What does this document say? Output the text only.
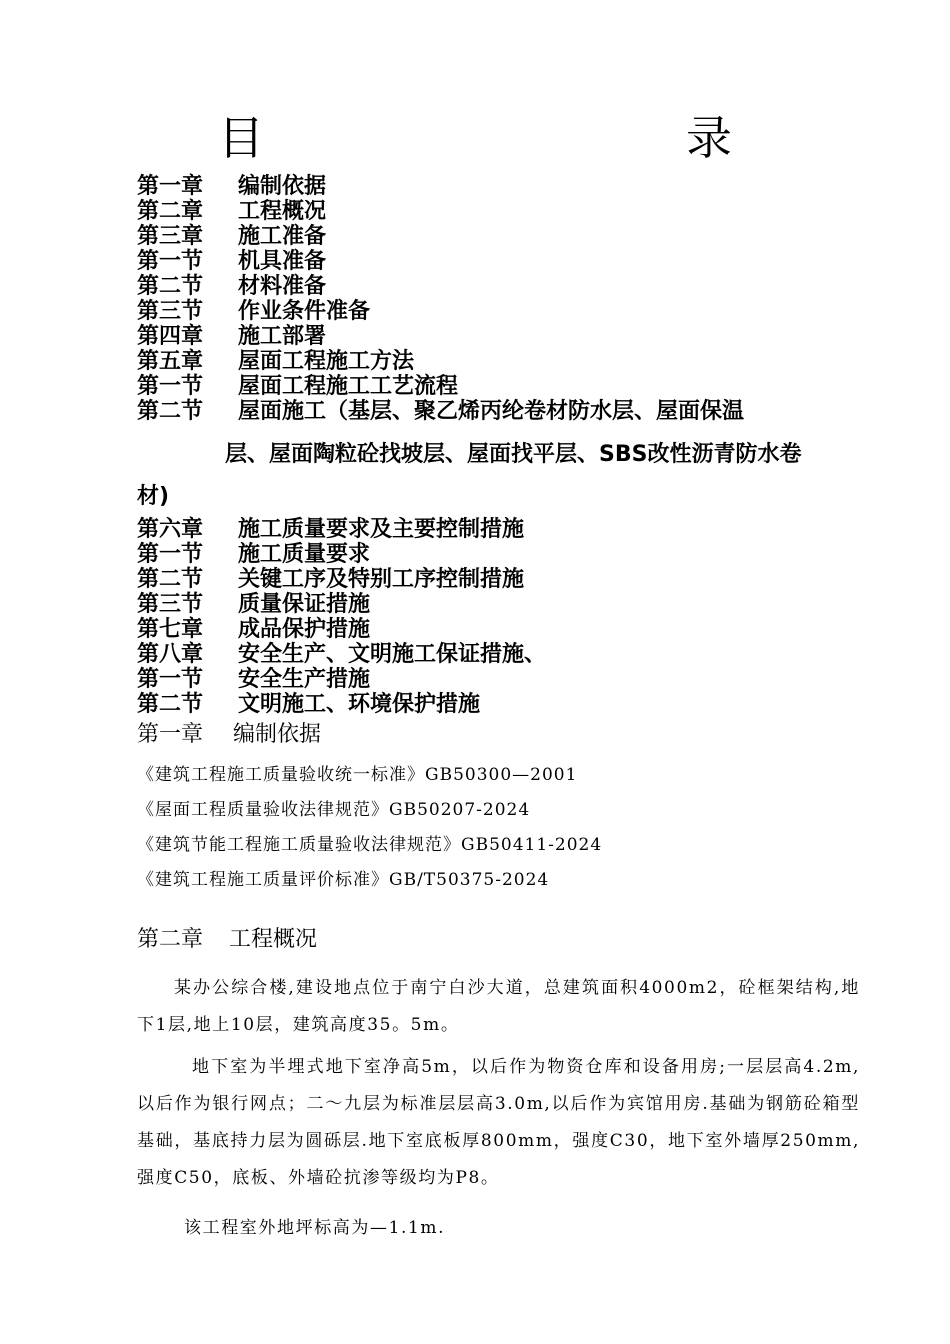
目　　录
第一章 编制依据
第二章 工程概况
第三章 施工准备
第一节 机具准备
第二节 材料准备
第三节 作业条件准备
第四章 施工部署
第五章 屋面工程施工方法
第一节 屋面工程施工工艺流程
第二节 屋面施工（基层、聚乙烯丙纶卷材防水层、屋面保温
层、屋面陶粒砼找坡层、屋面找平层、SBS改性沥青防水卷
材)
第六章 施工质量要求及主要控制措施
第一节 施工质量要求
第二节 关键工序及特别工序控制措施
第三节 质量保证措施
第七章 成品保护措施
第八章 安全生产、文明施工保证措施、
第一节 安全生产措施
第二节 文明施工、环境保护措施
第一章 编制依据
《建筑工程施工质量验收统一标准》GB50300—2001
《屋面工程质量验收法律规范》GB50207-2024
《建筑节能工程施工质量验收法律规范》GB50411-2024
《建筑工程施工质量评价标准》GB/T50375-2024
第二章 工程概况
某办公综合楼,建设地点位于南宁白沙大道，总建筑面积4000m2，砼框架结构,地下1层,地上10层，建筑高度35。5m。
地下室为半埋式地下室净高5m，以后作为物资仓库和设备用房;一层层高4.2m,以后作为银行网点；二～九层为标准层层高3.0m,以后作为宾馆用房.基础为钢筋砼箱型基础，基底持力层为圆砾层.地下室底板厚800mm，强度C30，地下室外墙厚250mm,强度C50，底板、外墙砼抗渗等级均为P8。
该工程室外地坪标高为—1.1m.
